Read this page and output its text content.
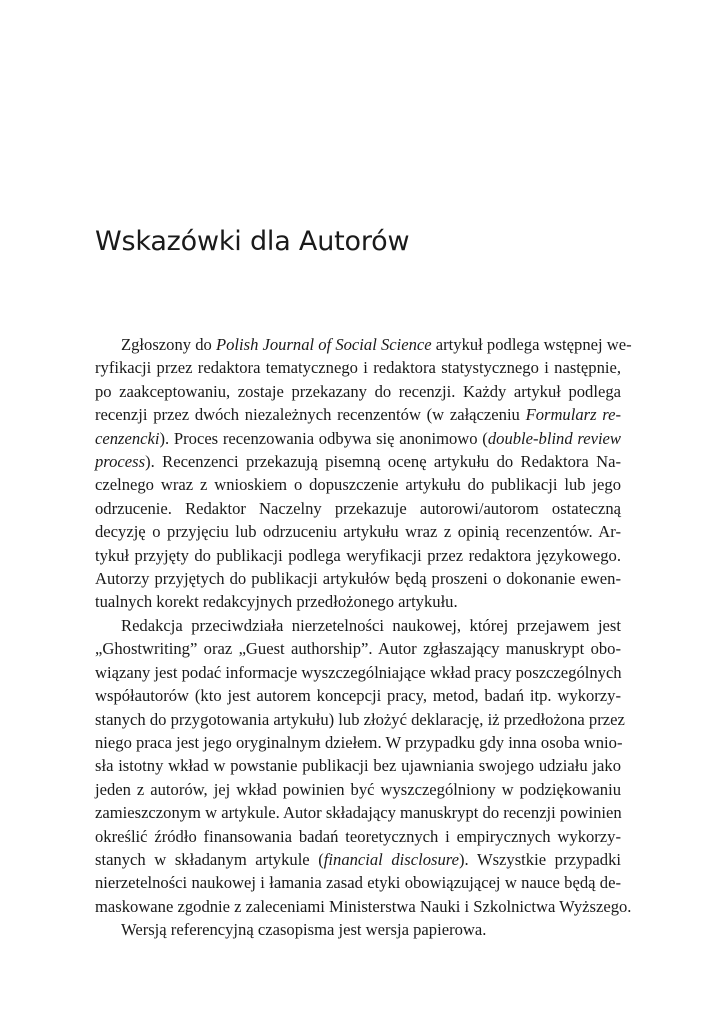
Wskazówki dla Autorów

Zgłoszony do Polish Journal of Social Science artykuł podlega wstępnej we-
ryfikacji przez redaktora tematycznego i redaktora statystycznego i następnie,
po zaakceptowaniu, zostaje przekazany do recenzji. Każdy artykuł podlega
recenzji przez dwóch niezależnych recenzentów (w załączeniu Formularz re-
cenzencki). Proces recenzowania odbywa się anonimowo (double-blind review
process). Recenzenci przekazują pisemną ocenę artykułu do Redaktora Na-
czelnego wraz z wnioskiem o dopuszczenie artykułu do publikacji lub jego
odrzucenie. Redaktor Naczelny przekazuje autorowi/autorom ostateczną
decyzję o przyjęciu lub odrzuceniu artykułu wraz z opinią recenzentów. Ar-
tykuł przyjęty do publikacji podlega weryfikacji przez redaktora językowego.
Autorzy przyjętych do publikacji artykułów będą proszeni o dokonanie ewen-
tualnych korekt redakcyjnych przedłożonego artykułu.

Redakcja przeciwdziała nierzetelności naukowej, której przejawem jest
„Ghostwriting” oraz „Guest authorship”. Autor zgłaszający manuskrypt obo-
wiązany jest podać informacje wyszczególniające wkład pracy poszczególnych
współautorów (kto jest autorem koncepcji pracy, metod, badań itp. wykorzy-
stanych do przygotowania artykułu) lub złożyć deklarację, iż przedłożona przez
niego praca jest jego oryginalnym dziełem. W przypadku gdy inna osoba wnio-
sła istotny wkład w powstanie publikacji bez ujawniania swojego udziału jako
jeden z autorów, jej wkład powinien być wyszczególniony w podziękowaniu
zamieszczonym w artykule. Autor składający manuskrypt do recenzji powinien
określić źródło finansowania badań teoretycznych i empirycznych wykorzy-
stanych w składanym artykule (financial disclosure). Wszystkie przypadki
nierzetelności naukowej i łamania zasad etyki obowiązującej w nauce będą de-
maskowane zgodnie z zaleceniami Ministerstwa Nauki i Szkolnictwa Wyższego.

Wersją referencyjną czasopisma jest wersja papierowa.
